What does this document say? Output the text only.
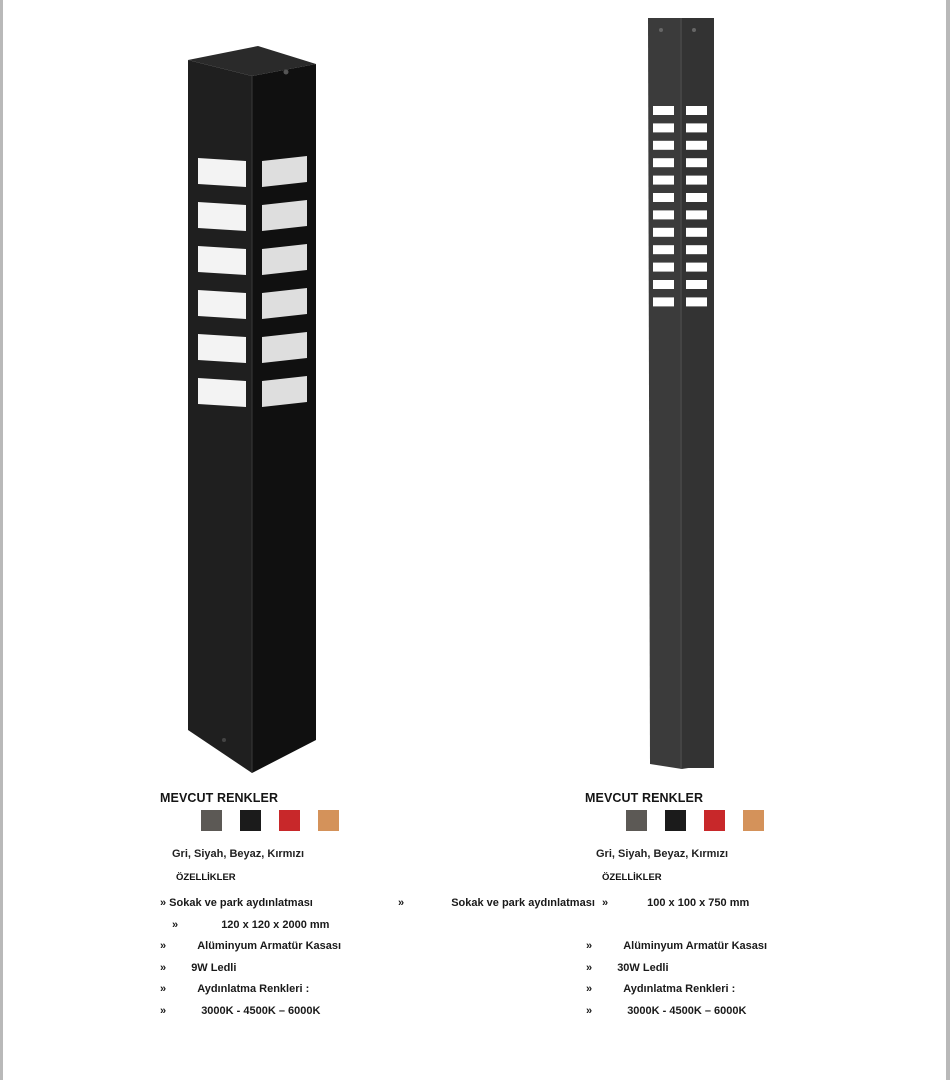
MEVCUT RENKLER
Gri, Siyah, Beyaz, Kırmızı
ÖZELLİKLER
» Sokak ve park aydınlatması
»	120 x 120 x 2000 mm
»	Alüminyum Armatür Kasası
» 9W Ledli
»	Aydınlatma Renkleri :
»	3000K - 4500K – 6000K
MEVCUT RENKLER
Gri, Siyah, Beyaz, Kırmızı
ÖZELLİKLER
»	Sokak ve park aydınlatması »	100 x 100 x 750 mm
»	Alüminyum Armatür Kasası
» 30W Ledli
»	Aydınlatma Renkleri :
»	3000K - 4500K – 6000K
